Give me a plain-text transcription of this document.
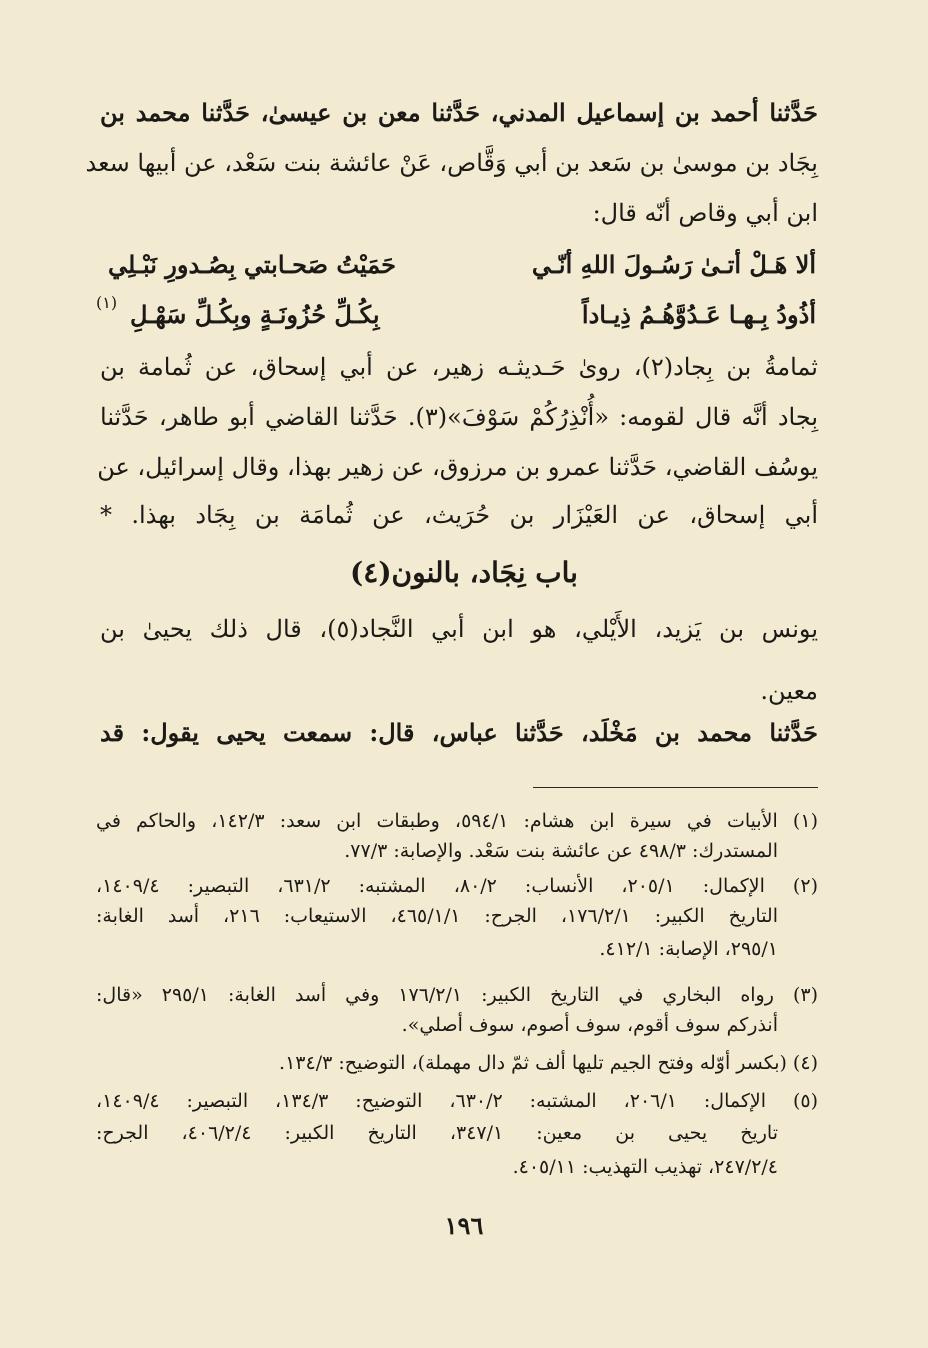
حَدَّثنا أحمد بن إسماعيل المدني، حَدَّثنا معن بن عيسىٰ، حَدَّثنا محمد بن
بِجَاد بن موسىٰ بن سَعد بن أبي وَقَّاص، عَنْ عائشة بنت سَعْد، عن أبيها سعد
ابن أبي وقاص أنّه قال:
ألا هَـلْ أتـىٰ رَسُـولَ اللهِ أنّـي
حَمَيْتُ صَحـابتي بِصُـدورِ نَبْـلِي
أذُودُ بِـهـا عَـدُوَّهُـمُ ذِيـاداً
بِكُـلِّ حُزُونَـةٍ وبِكُـلِّ سَهْـلِ
(١)
ثمامةُ بن بِجاد(٢)، روىٰ حَـديثـه زهير، عن أبي إسحاق، عن ثُمامة بن
بِجاد أنَّه قال لقومه: «أُنْذِرُكُمْ سَوْفَ»(٣). حَدَّثنا القاضي أبو طاهر، حَدَّثنا
يوسُف القاضي، حَدَّثنا عمرو بن مرزوق، عن زهير بهذا، وقال إسرائيل، عن
أبي إسحاق، عن العَيْزَار بن حُرَيث، عن ثُمامَة بن بِجَاد بهذا. *
باب نِجَاد، بالنون(٤)
يونس بن يَزيد، الأَيْلي، هو ابن أبي النَّجاد(٥)، قال ذلك يحيىٰ بن
معين.
حَدَّثنا محمد بن مَخْلَد، حَدَّثنا عباس، قال: سمعت يحيى يقول: قد
(١) الأبيات في سيرة ابن هشام: ٥٩٤/١، وطبقات ابن سعد: ١٤٢/٣، والحاكم في
المستدرك: ٤٩٨/٣ عن عائشة بنت سَعْد. والإصابة: ٧٧/٣.
(٢) الإكمال: ٢٠٥/١، الأنساب: ٨٠/٢، المشتبه: ٦٣١/٢، التبصير: ١٤٠٩/٤،
التاريخ الكبير: ١٧٦/٢/١، الجرح: ٤٦٥/١/١، الاستيعاب: ٢١٦، أسد الغابة:
٢٩٥/١، الإصابة: ٤١٢/١.
(٣) رواه البخاري في التاريخ الكبير: ١٧٦/٢/١ وفي أسد الغابة: ٢٩٥/١ «قال:
أنذركم سوف أقوم، سوف أصوم، سوف أصلي».
(٤) (بكسر أوّله وفتح الجيم تليها ألف ثمّ دال مهملة)، التوضيح: ١٣٤/٣.
(٥) الإكمال: ٢٠٦/١، المشتبه: ٦٣٠/٢، التوضيح: ١٣٤/٣، التبصير: ١٤٠٩/٤،
تاريخ يحيى بن معين: ٣٤٧/١، التاريخ الكبير: ٤٠٦/٢/٤، الجرح:
٢٤٧/٢/٤، تهذيب التهذيب: ٤٠٥/١١.
١٩٦
